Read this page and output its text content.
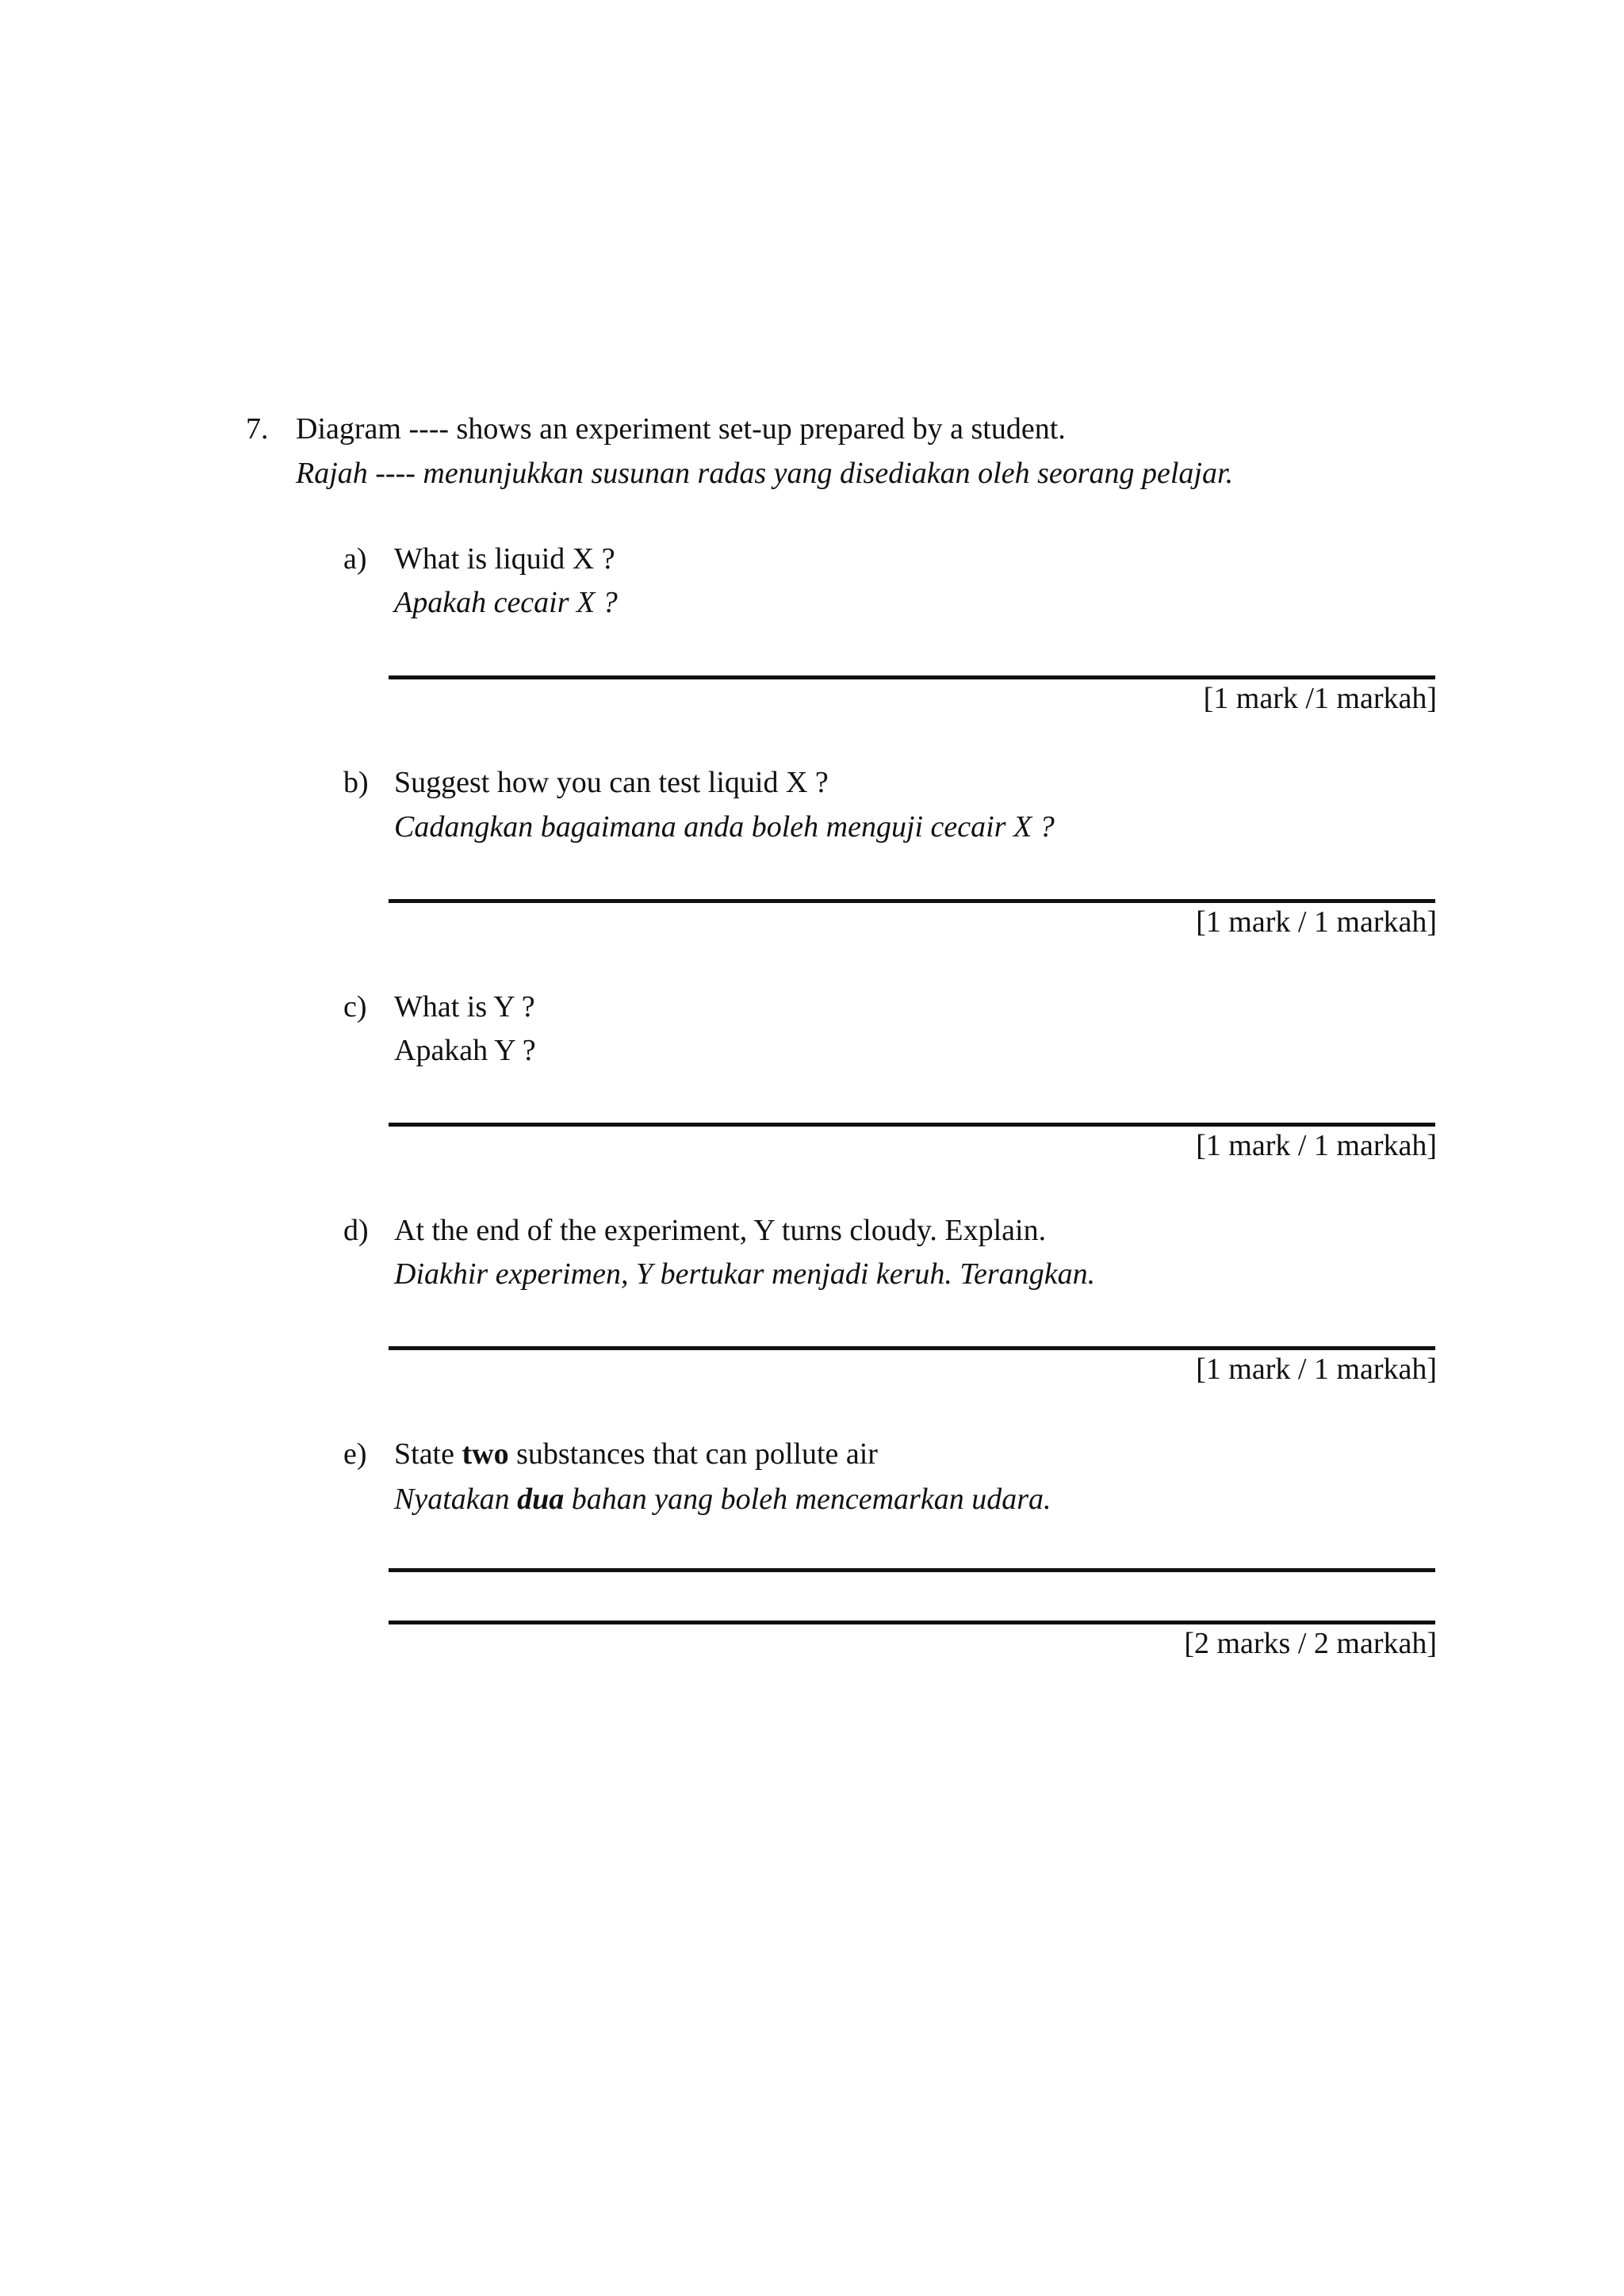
7. Diagram ---- shows an experiment set-up prepared by a student.
Rajah ---- menunjukkan susunan radas yang disediakan oleh seorang pelajar.
a) What is liquid X ?
Apakah cecair X ?
[1 mark /1 markah]
b) Suggest how you can test liquid X ?
Cadangkan bagaimana anda boleh menguji cecair X ?
[1 mark / 1 markah]
c) What is Y ?
Apakah Y ?
[1 mark / 1 markah]
d) At the end of the experiment, Y turns cloudy. Explain.
Diakhir experimen, Y bertukar menjadi keruh. Terangkan.
[1 mark / 1 markah]
e) State two substances that can pollute air
Nyatakan dua bahan yang boleh mencemarkan udara.
[2 marks / 2 markah]
